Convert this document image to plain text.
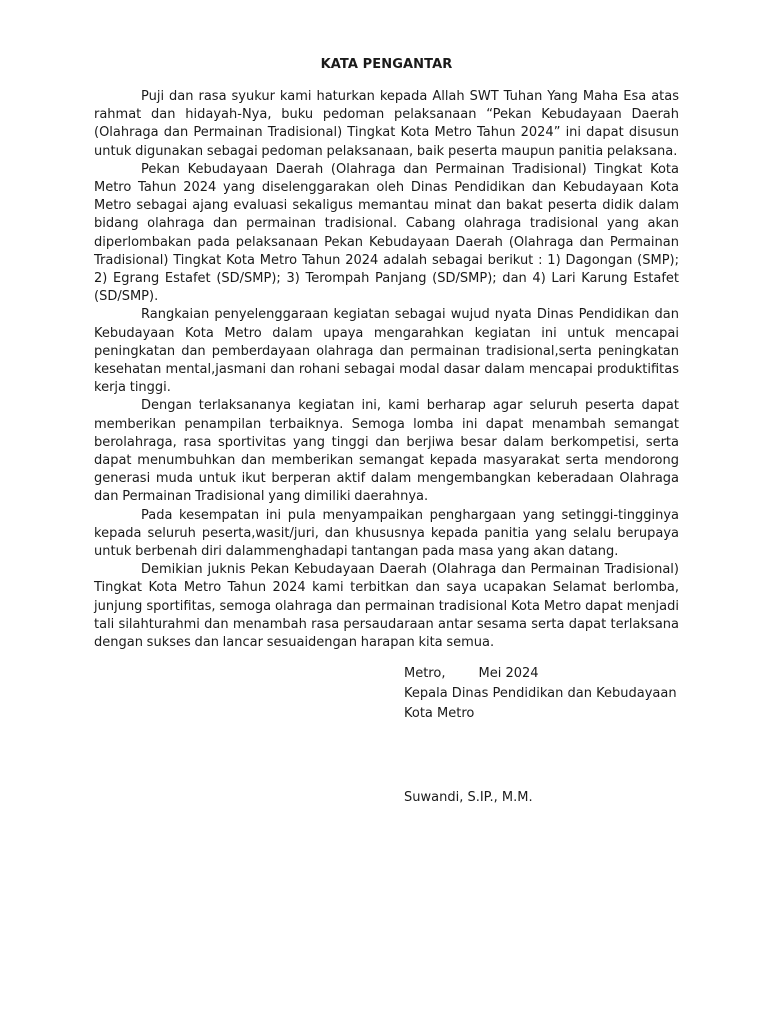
KATA PENGANTAR

Puji dan rasa syukur kami haturkan kepada Allah SWT Tuhan Yang Maha Esa atas rahmat dan hidayah-Nya, buku pedoman pelaksanaan “Pekan Kebudayaan Daerah (Olahraga dan Permainan Tradisional) Tingkat Kota Metro Tahun 2024” ini dapat disusun untuk digunakan sebagai pedoman pelaksanaan, baik peserta maupun panitia pelaksana.

Pekan Kebudayaan Daerah (Olahraga dan Permainan Tradisional) Tingkat Kota Metro Tahun 2024 yang diselenggarakan oleh Dinas Pendidikan dan Kebudayaan Kota Metro sebagai ajang evaluasi sekaligus memantau minat dan bakat peserta didik dalam bidang olahraga dan permainan tradisional. Cabang olahraga tradisional yang akan diperlombakan pada pelaksanaan Pekan Kebudayaan Daerah (Olahraga dan Permainan Tradisional) Tingkat Kota Metro Tahun 2024 adalah sebagai berikut : 1) Dagongan (SMP); 2) Egrang Estafet (SD/SMP); 3) Terompah Panjang (SD/SMP); dan 4) Lari Karung Estafet (SD/SMP).

Rangkaian penyelenggaraan kegiatan sebagai wujud nyata Dinas Pendidikan dan Kebudayaan Kota Metro dalam upaya mengarahkan kegiatan ini untuk mencapai peningkatan dan pemberdayaan olahraga dan permainan tradisional,serta peningkatan kesehatan mental,jasmani dan rohani sebagai modal dasar dalam mencapai produktifitas kerja tinggi.

Dengan terlaksananya kegiatan ini, kami berharap agar seluruh peserta dapat memberikan penampilan terbaiknya. Semoga lomba ini dapat menambah semangat berolahraga, rasa sportivitas yang tinggi dan berjiwa besar dalam berkompetisi, serta dapat menumbuhkan dan memberikan semangat kepada masyarakat serta mendorong generasi muda untuk ikut berperan aktif dalam mengembangkan keberadaan Olahraga dan Permainan Tradisional yang dimiliki daerahnya.

Pada kesempatan ini pula menyampaikan penghargaan yang setinggi-tingginya kepada seluruh peserta,wasit/juri, dan khususnya kepada panitia yang selalu berupaya untuk berbenah diri dalammenghadapi tantangan pada masa yang akan datang.

Demikian juknis Pekan Kebudayaan Daerah (Olahraga dan Permainan Tradisional) Tingkat Kota Metro Tahun 2024 kami terbitkan dan saya ucapakan Selamat berlomba, junjung sportifitas, semoga olahraga dan permainan tradisional Kota Metro dapat menjadi tali silahturahmi dan menambah rasa persaudaraan antar sesama serta dapat terlaksana dengan sukses dan lancar sesuaidengan harapan kita semua.

Metro,        Mei 2024

Kepala Dinas Pendidikan dan Kebudayaan

Kota Metro

Suwandi, S.IP., M.M.
